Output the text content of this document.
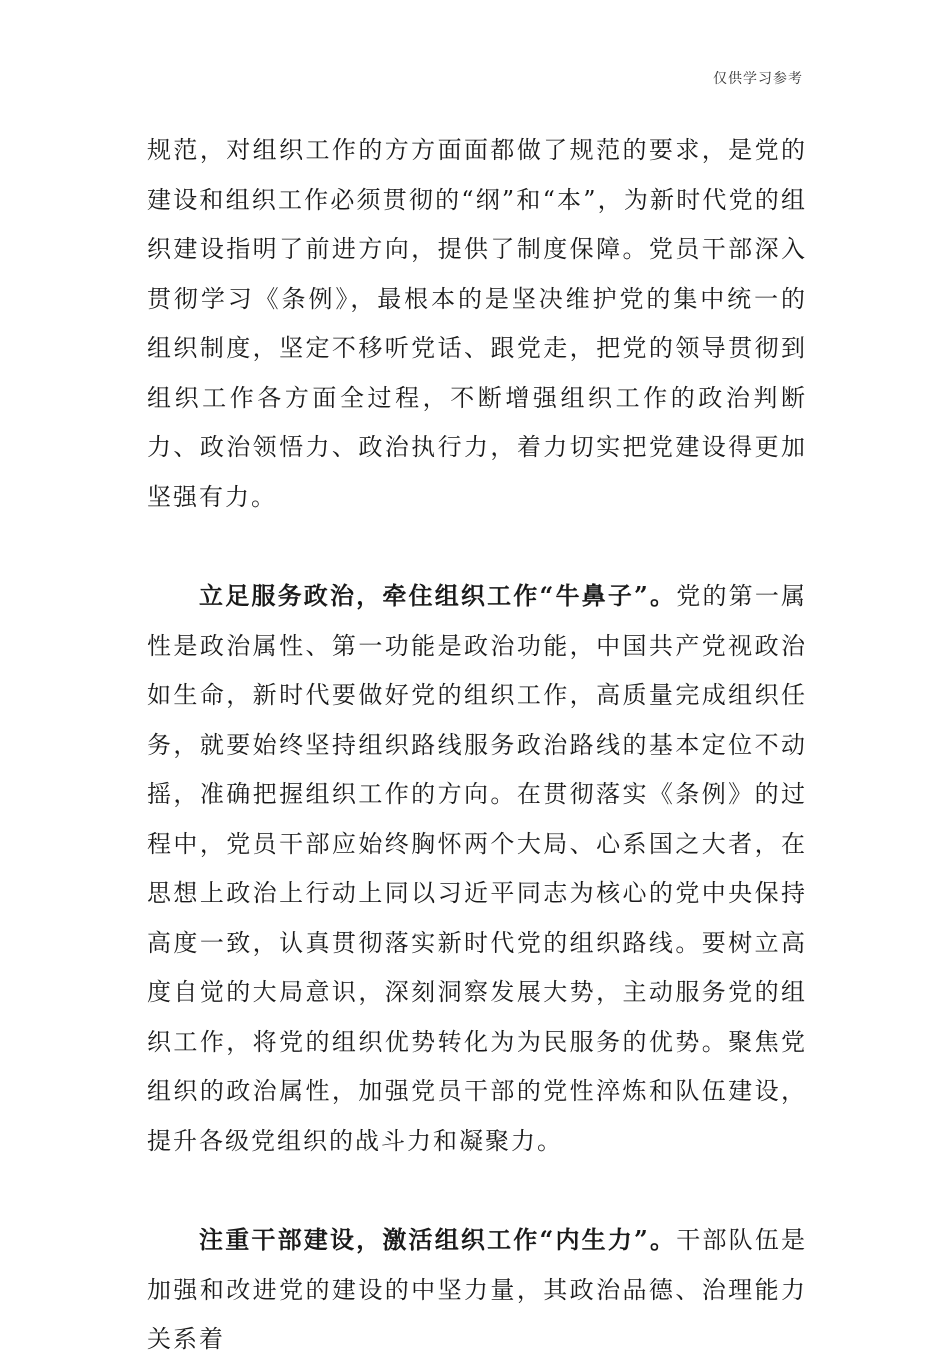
仅供学习参考

规范，对组织工作的方方面面都做了规范的要求，是党的建设和组织工作必须贯彻的“纲”和“本”，为新时代党的组织建设指明了前进方向，提供了制度保障。党员干部深入贯彻学习《条例》，最根本的是坚决维护党的集中统一的组织制度，坚定不移听党话、跟党走，把党的领导贯彻到组织工作各方面全过程，不断增强组织工作的政治判断力、政治领悟力、政治执行力，着力切实把党建设得更加坚强有力。

立足服务政治，牵住组织工作“牛鼻子”。党的第一属性是政治属性、第一功能是政治功能，中国共产党视政治如生命，新时代要做好党的组织工作，高质量完成组织任务，就要始终坚持组织路线服务政治路线的基本定位不动摇，准确把握组织工作的方向。在贯彻落实《条例》的过程中，党员干部应始终胸怀两个大局、心系国之大者，在思想上政治上行动上同以习近平同志为核心的党中央保持高度一致，认真贯彻落实新时代党的组织路线。要树立高度自觉的大局意识，深刻洞察发展大势，主动服务党的组织工作，将党的组织优势转化为为民服务的优势。聚焦党组织的政治属性，加强党员干部的党性淬炼和队伍建设，提升各级党组织的战斗力和凝聚力。

注重干部建设，激活组织工作“内生力”。干部队伍是加强和改进党的建设的中坚力量，其政治品德、治理能力关系着
